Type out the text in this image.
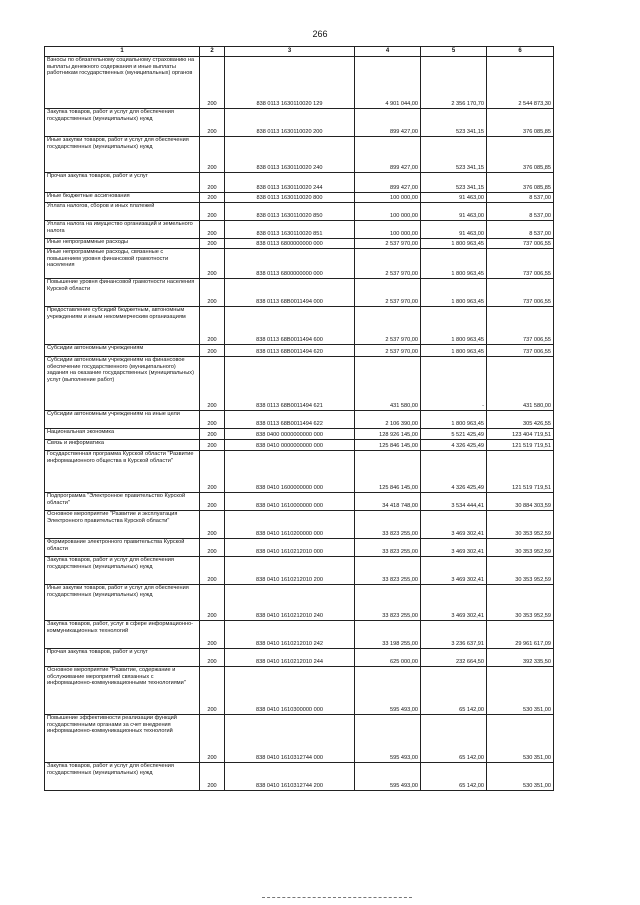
266
1	2	3	4	5	6

Взносы по обязательному социальному страхованию на выплаты денежного содержания и иные выплаты работникам государственных (муниципальных) органов	200	838 0113 1630110020 129	4 901 044,00	2 356 170,70	2 544 873,30

Закупка товаров, работ и услуг для обеспечения государственных (муниципальных) нужд	200	838 0113 1630110020 200	899 427,00	523 341,15	376 085,85

Иные закупки товаров, работ и услуг для обеспечения государственных (муниципальных) нужд	200	838 0113 1630110020 240	899 427,00	523 341,15	376 085,85

Прочая закупка товаров, работ и услуг	200	838 0113 1630110020 244	899 427,00	523 341,15	376 085,85

Иные бюджетные ассигнования	200	838 0113 1630110020 800	100 000,00	91 463,00	8 537,00

Уплата налогов, сборов и иных платежей	200	838 0113 1630110020 850	100 000,00	91 463,00	8 537,00

Уплата налога на имущество организаций и земельного налога	200	838 0113 1630110020 851	100 000,00	91 463,00	8 537,00

Иные непрограммные расходы	200	838 0113 6800000000 000	2 537 970,00	1 800 963,45	737 006,55

Иные непрограммные расходы, связанные с повышением уровня финансовой грамотности населения	200	838 0113 6800000000 000	2 537 970,00	1 800 963,45	737 006,55

Повышение уровня финансовой грамотности населения Курской области	200	838 0113 68B0011494 000	2 537 970,00	1 800 963,45	737 006,55

Предоставление субсидий бюджетным, автономным учреждениям и иным некоммерческим организациям	200	838 0113 68B0011494 600	2 537 970,00	1 800 963,45	737 006,55

Субсидии автономным учреждениям	200	838 0113 68B0011494 620	2 537 970,00	1 800 963,45	737 006,55

Субсидии автономным учреждениям на финансовое обеспечение государственного (муниципального) задания на оказание государственных (муниципальных) услуг (выполнение работ)	200	838 0113 68B0011494 621	431 580,00	-	431 580,00

Субсидии автономным учреждениям на иные цели	200	838 0113 68B0011494 622	2 106 390,00	1 800 963,45	305 426,55

Национальная экономика	200	838 0400 0000000000 000	128 926 145,00	5 521 425,49	123 404 719,51

Связь и информатика	200	838 0410 0000000000 000	125 846 145,00	4 326 425,49	121 519 719,51

Государственная программа Курской области "Развитие информационного общества в Курской области"	200	838 0410 1600000000 000	125 846 145,00	4 326 425,49	121 519 719,51

Подпрограмма "Электронное правительство Курской области"	200	838 0410 1610000000 000	34 418 748,00	3 534 444,41	30 884 303,59

Основное мероприятие "Развитие и эксплуатация Электронного правительства Курской области"	200	838 0410 1610200000 000	33 823 255,00	3 469 302,41	30 353 952,59

Формирование электронного правительства Курской области	200	838 0410 1610212010 000	33 823 255,00	3 469 302,41	30 353 952,59

Закупка товаров, работ и услуг для обеспечения государственных (муниципальных) нужд	200	838 0410 1610212010 200	33 823 255,00	3 469 302,41	30 353 952,59

Иные закупки товаров, работ и услуг для обеспечения государственных (муниципальных) нужд	200	838 0410 1610212010 240	33 823 255,00	3 469 302,41	30 353 952,59

Закупка товаров, работ, услуг в сфере информационно-коммуникационных технологий	200	838 0410 1610212010 242	33 198 255,00	3 236 637,91	29 961 617,09

Прочая закупка товаров, работ и услуг	200	838 0410 1610212010 244	625 000,00	232 664,50	392 335,50

Основное мероприятие "Развитие, содержание и обслуживание мероприятий связанных с информационно-коммуникационными технологиями"	200	838 0410 1610300000 000	595 493,00	65 142,00	530 351,00

Повышение эффективности реализации функций государственными органами за счет внедрения информационно-коммуникационных технологий	200	838 0410 1610312744 000	595 493,00	65 142,00	530 351,00

Закупка товаров, работ и услуг для обеспечения государственных (муниципальных) нужд	200	838 0410 1610312744 200	595 493,00	65 142,00	530 351,00
